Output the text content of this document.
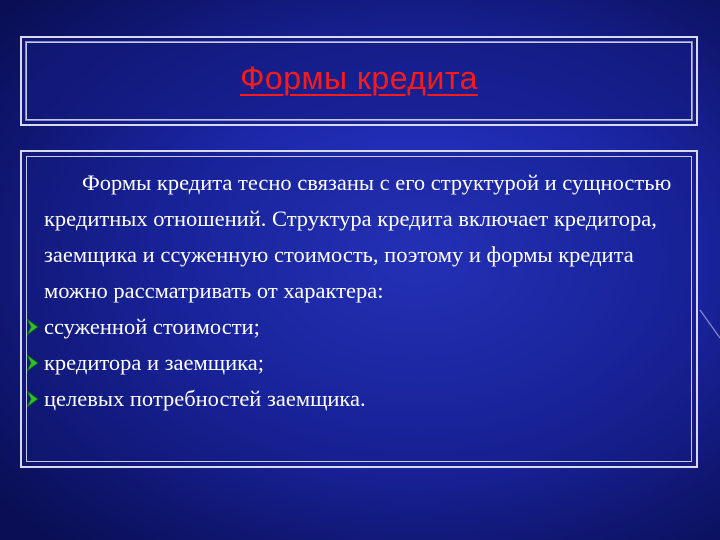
Формы кредита

Формы кредита тесно связаны с его структурой и сущностью кредитных отношений. Структура кредита включает кредитора, заемщика и ссуженную стоимость, поэтому и формы кредита можно рассматривать от характера:

ссуженной стоимости;
кредитора и заемщика;
целевых потребностей заемщика.
